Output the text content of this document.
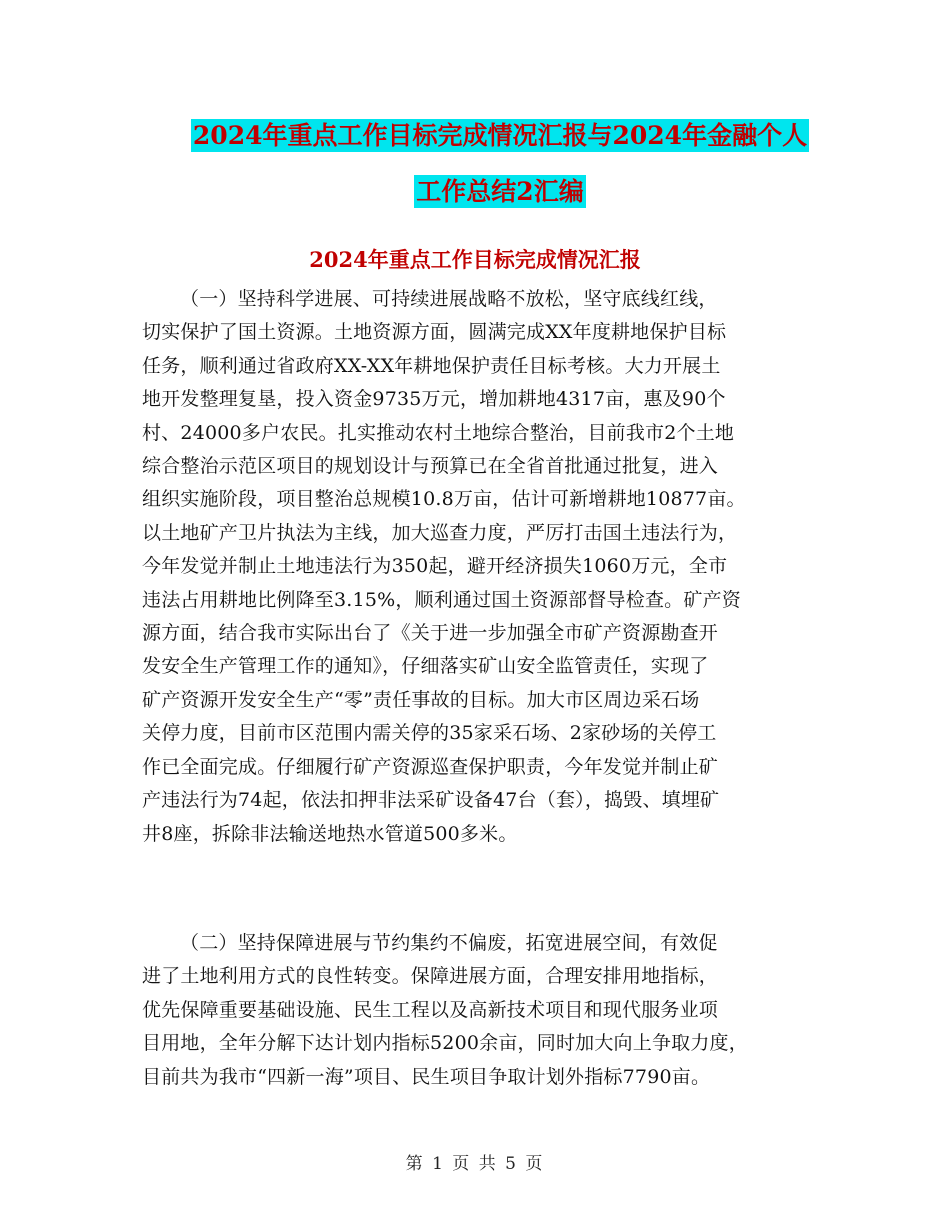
2024年重点工作目标完成情况汇报与2024年金融个人
工作总结2汇编
2024年重点工作目标完成情况汇报
（一）坚持科学进展、可持续进展战略不放松，坚守底线红线，
切实保护了国土资源。土地资源方面，圆满完成XX年度耕地保护目标
任务，顺利通过省政府XX-XX年耕地保护责任目标考核。大力开展土
地开发整理复垦，投入资金9735万元，增加耕地4317亩，惠及90个
村、24000多户农民。扎实推动农村土地综合整治，目前我市2个土地
综合整治示范区项目的规划设计与预算已在全省首批通过批复，进入
组织实施阶段，项目整治总规模10.8万亩，估计可新增耕地10877亩。
以土地矿产卫片执法为主线，加大巡查力度，严厉打击国土违法行为，
今年发觉并制止土地违法行为350起，避开经济损失1060万元，全市
违法占用耕地比例降至3.15%，顺利通过国土资源部督导检查。矿产资
源方面，结合我市实际出台了《关于进一步加强全市矿产资源勘查开
发安全生产管理工作的通知》，仔细落实矿山安全监管责任，实现了
矿产资源开发安全生产“零”责任事故的目标。加大市区周边采石场
关停力度，目前市区范围内需关停的35家采石场、2家砂场的关停工
作已全面完成。仔细履行矿产资源巡查保护职责，今年发觉并制止矿
产违法行为74起，依法扣押非法采矿设备47台（套），捣毁、填埋矿
井8座，拆除非法输送地热水管道500多米。
（二）坚持保障进展与节约集约不偏废，拓宽进展空间，有效促
进了土地利用方式的良性转变。保障进展方面，合理安排用地指标，
优先保障重要基础设施、民生工程以及高新技术项目和现代服务业项
目用地，全年分解下达计划内指标5200余亩，同时加大向上争取力度，
目前共为我市“四新一海”项目、民生项目争取计划外指标7790亩。
第 1 页 共 5 页
